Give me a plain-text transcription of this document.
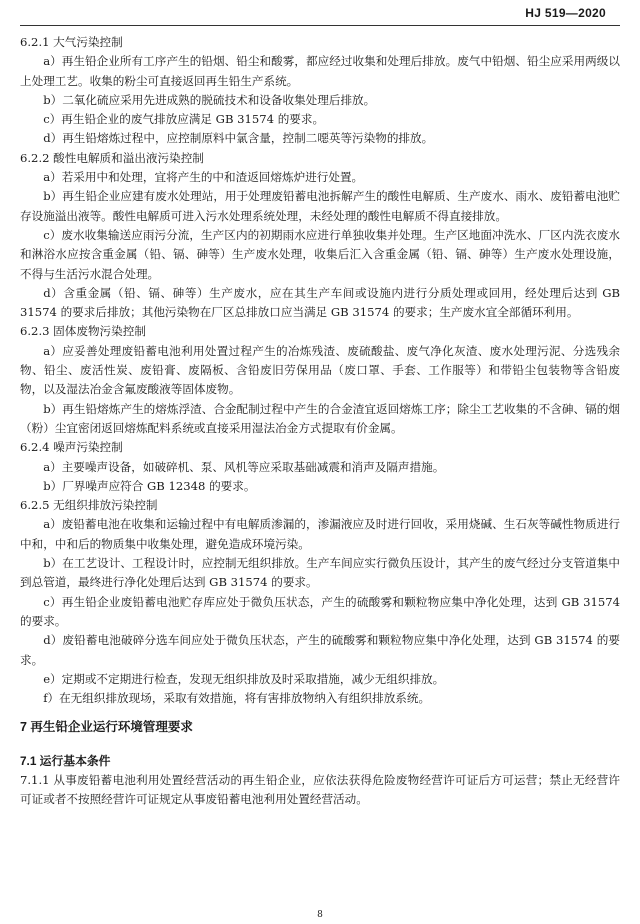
HJ 519—2020

6.2.1 大气污染控制

a）再生铅企业所有工序产生的铅烟、铅尘和酸雾，都应经过收集和处理后排放。废气中铅烟、铅尘应采用两级以上处理工艺。收集的粉尘可直接返回再生铅生产系统。

b）二氧化硫应采用先进成熟的脱硫技术和设备收集处理后排放。

c）再生铅企业的废气排放应满足 GB 31574 的要求。

d）再生铅熔炼过程中，应控制原料中氯含量，控制二噁英等污染物的排放。

6.2.2 酸性电解质和溢出液污染控制

a）若采用中和处理，宜将产生的中和渣返回熔炼炉进行处置。

b）再生铅企业应建有废水处理站，用于处理废铅蓄电池拆解产生的酸性电解质、生产废水、雨水、废铅蓄电池贮存设施溢出液等。酸性电解质可进入污水处理系统处理，未经处理的酸性电解质不得直接排放。

c）废水收集输送应雨污分流，生产区内的初期雨水应进行单独收集并处理。生产区地面冲洗水、厂区内洗衣废水和淋浴水应按含重金属（铅、镉、砷等）生产废水处理，收集后汇入含重金属（铅、镉、砷等）生产废水处理设施，不得与生活污水混合处理。

d）含重金属（铅、镉、砷等）生产废水，应在其生产车间或设施内进行分质处理或回用，经处理后达到 GB 31574 的要求后排放；其他污染物在厂区总排放口应当满足 GB 31574 的要求；生产废水宜全部循环利用。

6.2.3 固体废物污染控制

a）应妥善处理废铅蓄电池利用处置过程产生的冶炼残渣、废硫酸盐、废气净化灰渣、废水处理污泥、分选残余物、铅尘、废活性炭、废铅膏、废隔板、含铅废旧劳保用品（废口罩、手套、工作服等）和带铅尘包装物等含铅废物，以及湿法冶金含氟废酸液等固体废物。

b）再生铅熔炼产生的熔炼浮渣、合金配制过程中产生的合金渣宜返回熔炼工序；除尘工艺收集的不含砷、镉的烟（粉）尘宜密闭返回熔炼配料系统或直接采用湿法冶金方式提取有价金属。

6.2.4 噪声污染控制

a）主要噪声设备，如破碎机、泵、风机等应采取基础减震和消声及隔声措施。

b）厂界噪声应符合 GB 12348 的要求。

6.2.5 无组织排放污染控制

a）废铅蓄电池在收集和运输过程中有电解质渗漏的，渗漏液应及时进行回收，采用烧碱、生石灰等碱性物质进行中和，中和后的物质集中收集处理，避免造成环境污染。

b）在工艺设计、工程设计时，应控制无组织排放。生产车间应实行微负压设计，其产生的废气经过分支管道集中到总管道，最终进行净化处理后达到 GB 31574 的要求。

c）再生铅企业废铅蓄电池贮存库应处于微负压状态，产生的硫酸雾和颗粒物应集中净化处理，达到 GB 31574 的要求。

d）废铅蓄电池破碎分选车间应处于微负压状态，产生的硫酸雾和颗粒物应集中净化处理，达到 GB 31574 的要求。

e）定期或不定期进行检查，发现无组织排放及时采取措施，减少无组织排放。

f）在无组织排放现场，采取有效措施，将有害排放物纳入有组织排放系统。

7 再生铅企业运行环境管理要求

7.1 运行基本条件

7.1.1 从事废铅蓄电池利用处置经营活动的再生铅企业，应依法获得危险废物经营许可证后方可运营；禁止无经营许可证或者不按照经营许可证规定从事废铅蓄电池利用处置经营活动。

8
